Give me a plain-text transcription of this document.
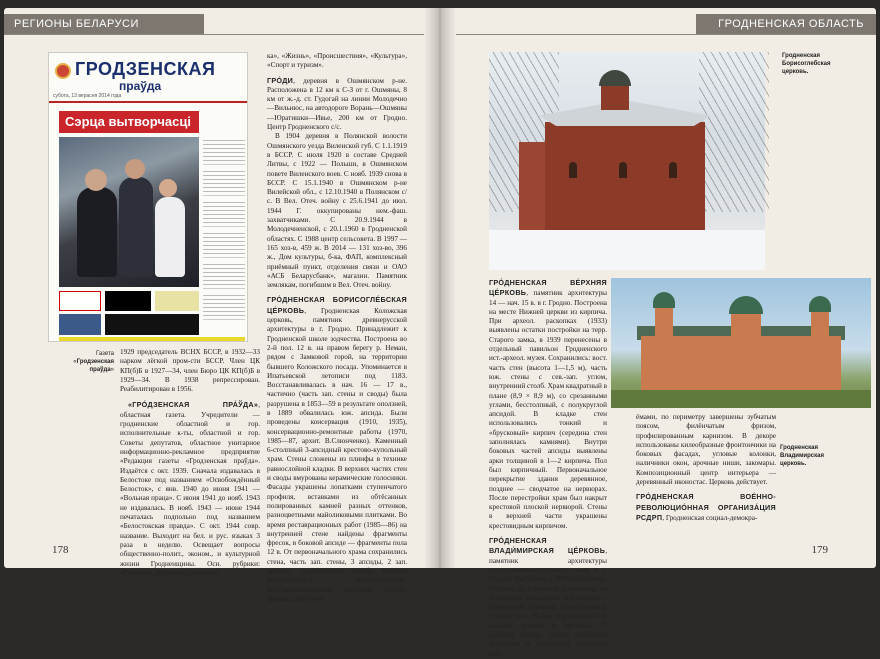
РЕГИОНЫ БЕЛАРУСИ
ГРОДЗЕНСКАЯ
праўда
субота, 13 верасня 2014 года
Сэрца вытворчасці
Газета «Гродзенская праўда»

1929 председатель ВСНХ БССР, в 1932—33 нарком лёгкой пром-сти БССР. Член ЦК КП(б)Б в 1927—34, член Бюро ЦК КП(б)Б в 1929—34. В 1938 репрессирован. Реабилитирован в 1956.

«ГРО́ДЗЕНСКАЯ ПРА́ЎДА», областная газета. Учредители — гродненские областной и гор. исполнительные к-ты, областной и гор. Советы депутатов, областное унитарное информационно-рекламное предприятие «Редакция газеты «Гродзенская праўда». Издаётся с окт. 1939. Сначала издавалась в Белостоке под названием «Освобождённый Белосток», с янв. 1940 до июня 1941 — «Вольная праца». С июня 1941 до нояб. 1943 не издавалась. В нояб. 1943 — июне 1944 печаталась подпольно под названием «Белостокская правда». С окт. 1944 совр. название. Выходит на бел. и рус. языках 3 раза в неделю. Освещает вопросы общественно-полит., эконом., и культурной жизни Гродненщины. Осн. рубрики: «Главное», «Власть», «Экономи-

ка», «Жизнь», «Происшествия», «Культура», «Спорт и туризм».

ГРО́ДИ, деревня в Ошмянском р-не. Расположена в 12 км к С-З от г. Ошмяны, 8 км от ж.-д. ст. Гудогай на линии Молодечно—Вильнюс, на автодороге Ворань—Ошмяны—Юратишки—Ивье, 200 км от Гродно. Центр Гродненского с/с.

В 1904 деревня в Полянской волости Ошмянского уезда Виленской губ. С 1.1.1919 в БССР. С июля 1920 в составе Средней Литвы, с 1922 — Польши, в Ошмянском повете Виленского воев. С нояб. 1939 снова в БССР. С 15.1.1940 в Ошмянском р-не Вилейской обл., с 12.10.1940 в Полянском с/с. В Вел. Отеч. войну с 25.6.1941 до июл. 1944 Г. оккупированы нем.-фаш. захватчиками. С 20.9.1944 в Молодечненской, с 20.1.1960 в Гродненской областях. С 1988 центр сельсовета. В 1997 — 165 хоз-в, 459 ж. В 2014 — 131 хоз-во, 396 ж., Дом культуры, б-ка, ФАП, комплексный приёмный пункт, отделения связи и ОАО «АСБ Беларусбанк», магазин. Памятник землякам, погибшим в Вел. Отеч. войну.

ГРО́ДНЕНСКАЯ БОРИСОГЛЕ́БСКАЯ ЦЕ́РКОВЬ, Гродненская Коложская церковь, памятник древнерусской архитектуры в г. Гродно. Принадлежит к Гродненской школе зодчества. Построена во 2-й пол. 12 в. на правом берегу р. Неман, рядом с Замковой горой, на территории бывшего Коложского посада. Упоминается в Ипатьевской летописи под 1183. Восстанавливалась в нач. 16 — 17 в., частично (часть зап. стены и своды) была разрушена в 1853—59 в результате оползней, в 1889 обвалилась юж. апсида. Были проведены консервация (1910, 1935), консервационно-ремонтные работы (1970, 1985—87, архит. В.Слюнченко). Каменный 6-столпный 3-апсидный крестово-купольный храм. Стены сложены из плинфы в технике равнослойной кладки. В верхних частях стен и своды вмурованы керамические голосники. Фасады украшены лопатками ступенчатого профиля, вставками из обтёсанных полированных камней разных оттенков, разноцветными майоликовыми плитками. Во время реставрационных работ (1985—86) на внутренней стене найдены фрагменты фресок, в боковой апсиде — фрагменты пола 12 в. От первоначального храма сохранились стена, часть зап. стены, 3 апсиды, 2 зап. круглых подкупольных столба. Ведётся реконструкция с реставрационно-восстановительными работами (2014). Церковь действует.

178
ГРОДНЕНСКАЯ ОБЛАСТЬ
Гродненская Борисоглебская церковь.
Гродненская Владимирская церковь.

ГРО́ДНЕНСКАЯ ВЕ́РХНЯЯ ЦЕ́РКОВЬ, памятник архитектуры 14 — нач. 15 в. в г. Гродно. Построена на месте Нижней церкви из кирпича. При археол. раскопках (1933) выявлены остатки постройки на терр. Старого замка, в 1939 перенесены в отдельный павильон Гродненского ист.-археол. музея. Сохранились: вост. часть стен (высота 1—1,5 м), часть юж. стены с сев.-зап. углом, внутренний столб. Храм квадратный в плане (8,9 × 8,9 м), со срезанными углами, бесстолпный, с полукруглой апсидой. В кладке стен использовались тонкий и «брусковый» кирпич (середина стен заполнялась камнями). Внутри боковых частей апсиды выявлены арки толщиной в 1—2 кирпича. Пол был кирпичный. Первоначальное перекрытие здания деревянное, позднее — сводчатое на нервюрах. После перестройки храм был накрыт крестовой плоской нервюрой. Стены в верхней части украшены крестовидным кирпичом.

ГРО́ДНЕНСКАЯ ВЛАДИ́МИРСКАЯ ЦЕ́РКОВЬ, памятник архитектуры ретроспективно-русского стиля в г. Гродно. Построена в 1896 из кирпича. Состоит из 2-ярусной (восьмерик на четверике) колокольни под шатром с луковичной головкой, прямоугольных в плане осн. объёма под шатровой 4-скатной крышей и притвора, 5-гранной апсиды. Стены прорезаны арочными и лучковыми оконными про-

ёмами, по периметру завершены зубчатым поясом, филёнчатым фризом, профилированным карнизом. В декоре использованы килеобразные фронтончики на боковых фасадах, угловые колонки, наличники окон, арочные ниши, закомары. Композиционный центр интерьера — деревянный иконостас. Церковь действует.

ГРО́ДНЕНСКАЯ ВОЕ́ННО-РЕВОЛЮЦИО́ННАЯ ОРГАНИЗА́ЦИЯ РСДРП, Гродненская социал-демокра-

179
